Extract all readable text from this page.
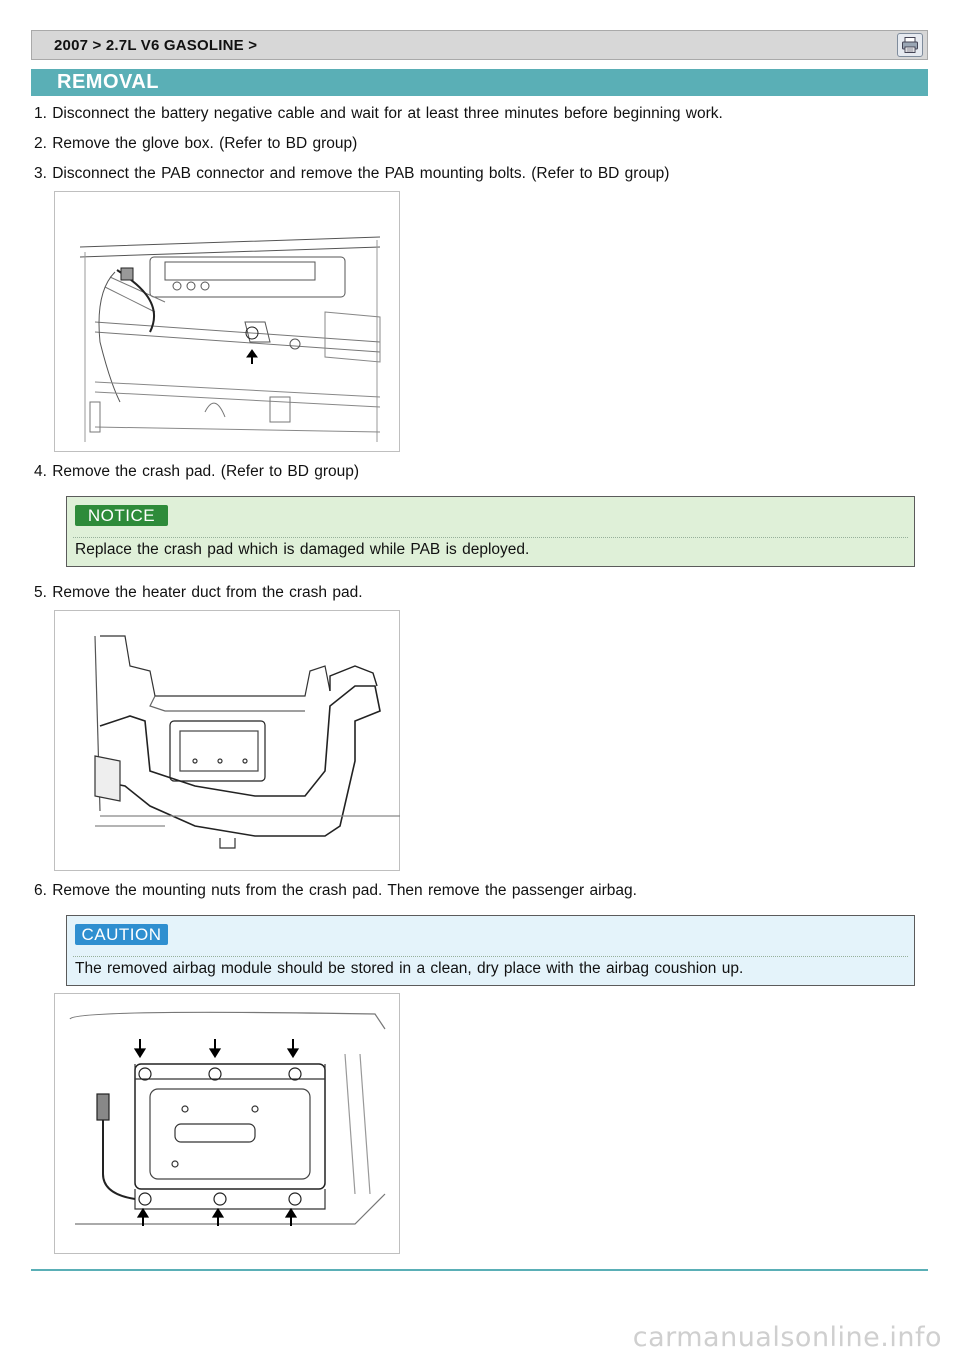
2007 > 2.7L V6 GASOLINE >
REMOVAL
1. Disconnect the battery negative cable and wait for at least three minutes before beginning work.
2. Remove the glove box. (Refer to BD group)
3. Disconnect the PAB connector and remove the PAB mounting bolts. (Refer to BD group)
4. Remove the crash pad. (Refer to BD group)
NOTICE
Replace the crash pad which is damaged while PAB is deployed.
5. Remove the heater duct from the crash pad.
6. Remove the mounting nuts from the crash pad. Then remove the passenger airbag.
CAUTION
The removed airbag module should be stored in a clean, dry place with the airbag coushion up.
carmanualsonline.info
